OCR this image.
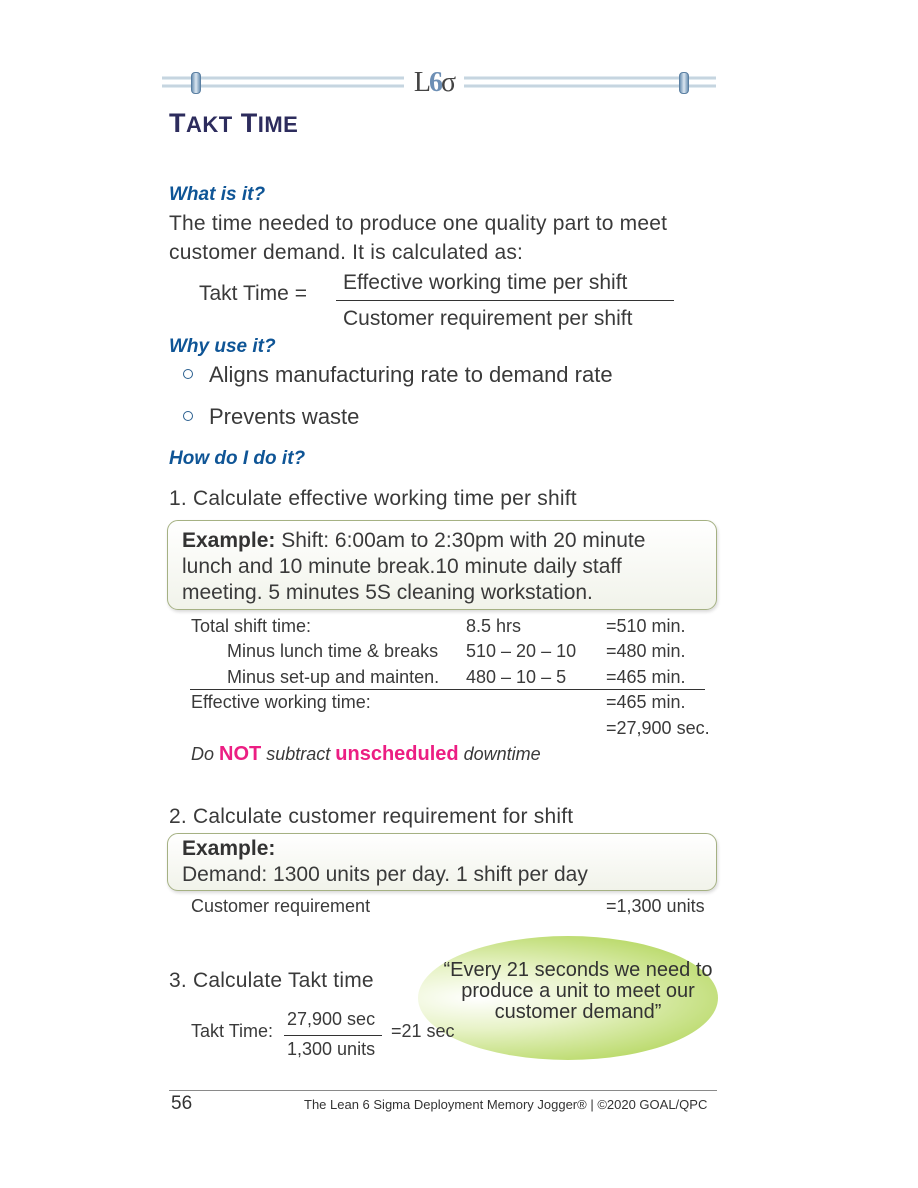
L6σ
TAKT TIME
What is it?
The time needed to produce one quality part to meet
customer demand. It is calculated as:
Takt Time = Effective working time per shift
Customer requirement per shift
Why use it?
Aligns manufacturing rate to demand rate
Prevents waste
How do I do it?
1. Calculate effective working time per shift
Example: Shift: 6:00am to 2:30pm with 20 minute
lunch and 10 minute break.10 minute daily staff
meeting. 5 minutes 5S cleaning workstation.
Total shift time:	8.5 hrs	=510 min.
Minus lunch time & breaks 510 – 20 – 10 =480 min.
Minus set-up and mainten. 480 – 10 – 5 =465 min.
Effective working time:	=465 min.
=27,900 sec.
Do NOT subtract unscheduled downtime
2. Calculate customer requirement for shift
Example:
Demand: 1300 units per day. 1 shift per day
Customer requirement	=1,300 units
3. Calculate Takt time	“Every 21 seconds we need to produce a unit to meet our customer demand”
Takt Time:
27,900 sec
1,300 units
=21 sec
56	The Lean 6 Sigma Deployment Memory Jogger® | ©2020 GOAL/QPC
